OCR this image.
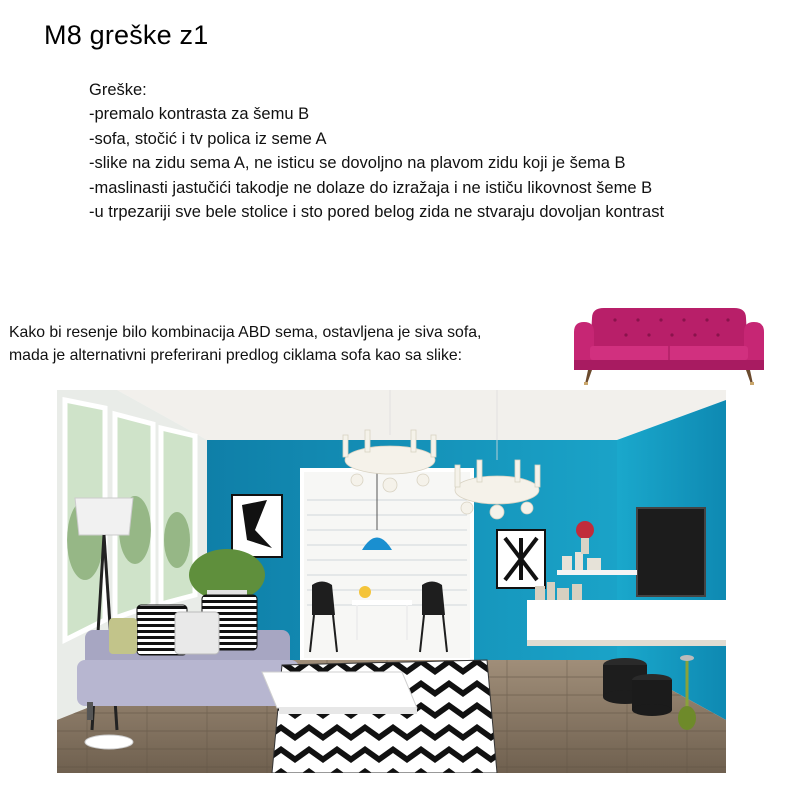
M8 greške z1
Greške:
-premalo kontrasta za šemu B
-sofa, stočić i tv polica iz seme A
-slike na zidu sema A, ne isticu se dovoljno na plavom zidu koji je šema B
-maslinasti jastučići takodje ne dolaze do izražaja i ne ističu likovnost šeme B
-u trpezariji sve bele stolice i sto pored belog zida ne stvaraju dovoljan kontrast
Kako bi resenje bilo kombinacija ABD sema, ostavljena je siva sofa,
mada je alternativni preferirani predlog ciklama sofa kao sa slike:
